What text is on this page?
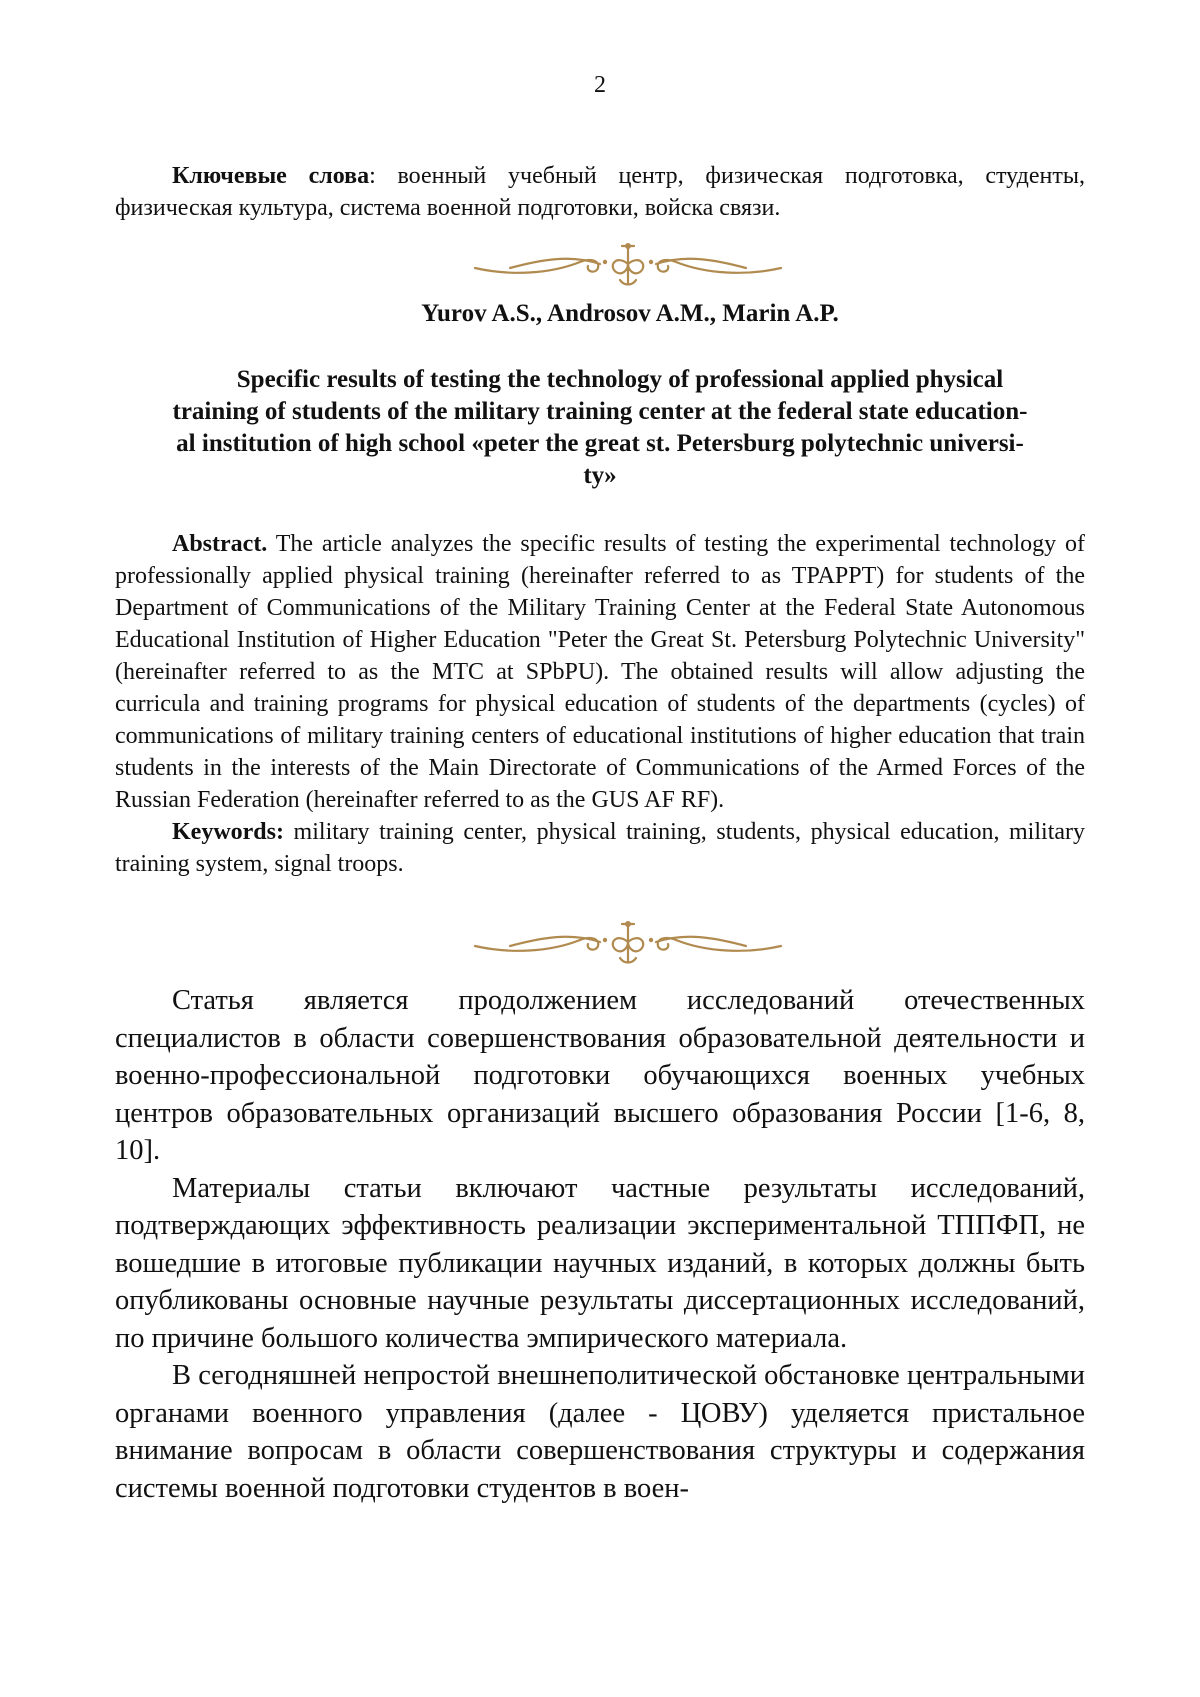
2

Ключевые слова: военный учебный центр, физическая подготовка, студенты, физическая культура, система военной подготовки, войска связи.

Yurov A.S., Androsov A.M., Marin A.P.
Specific results of testing the technology of professional applied physical
training of students of the military training center at the federal state education-
al institution of high school «peter the great st. Petersburg polytechnic universi-
ty»

Abstract. The article analyzes the specific results of testing the experimental technology of professionally applied physical training (hereinafter referred to as TPAPPT) for students of the Department of Communications of the Military Training Center at the Federal State Autonomous Educational Institution of Higher Education "Peter the Great St. Petersburg Polytechnic University" (hereinafter referred to as the MTC at SPbPU). The obtained results will allow adjusting the curricula and training programs for physical education of students of the departments (cycles) of communications of military training centers of educational institutions of higher education that train students in the interests of the Main Directorate of Communications of the Armed Forces of the Russian Federation (hereinafter referred to as the GUS AF RF).

Keywords: military training center, physical training, students, physical education, military training system, signal troops.

Статья является продолжением исследований отечественных специалистов в области совершенствования образовательной деятельности и военно-профессиональной подготовки обучающихся военных учебных центров образовательных организаций высшего образования России [1-6, 8, 10].

Материалы статьи включают частные результаты исследований, подтверждающих эффективность реализации экспериментальной ТППФП, не вошедшие в итоговые публикации научных изданий, в которых должны быть опубликованы основные научные результаты диссертационных исследований, по причине большого количества эмпирического материала.

В сегодняшней непростой внешнеполитической обстановке центральными органами военного управления (далее - ЦОВУ) уделяется пристальное внимание вопросам в области совершенствования структуры и содержания системы военной подготовки студентов в воен-
